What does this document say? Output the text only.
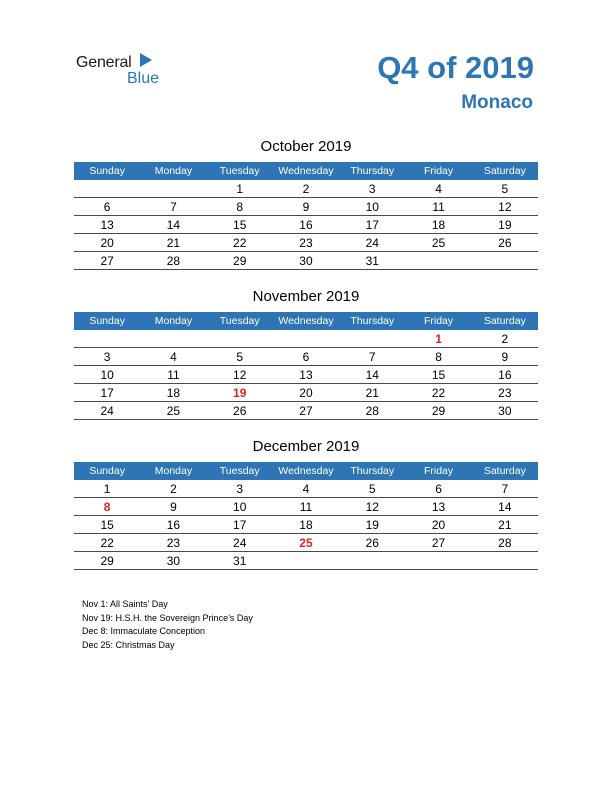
General
Blue	Q4 of 2019
Monaco
October 2019
Sunday	Monday	Tuesday	Wednesday	Thursday	Friday	Saturday
		1	2	3	4	5
6	7	8	9	10	11	12
13	14	15	16	17	18	19
20	21	22	23	24	25	26
27	28	29	30	31		
November 2019
Sunday	Monday	Tuesday	Wednesday	Thursday	Friday	Saturday
					1	2
3	4	5	6	7	8	9
10	11	12	13	14	15	16
17	18	19	20	21	22	23
24	25	26	27	28	29	30
December 2019
Sunday	Monday	Tuesday	Wednesday	Thursday	Friday	Saturday
1	2	3	4	5	6	7
8	9	10	11	12	13	14
15	16	17	18	19	20	21
22	23	24	25	26	27	28
29	30	31				
Nov 1: All Saints’ Day
Nov 19: H.S.H. the Sovereign Prince’s Day
Dec 8: Immaculate Conception
Dec 25: Christmas Day
